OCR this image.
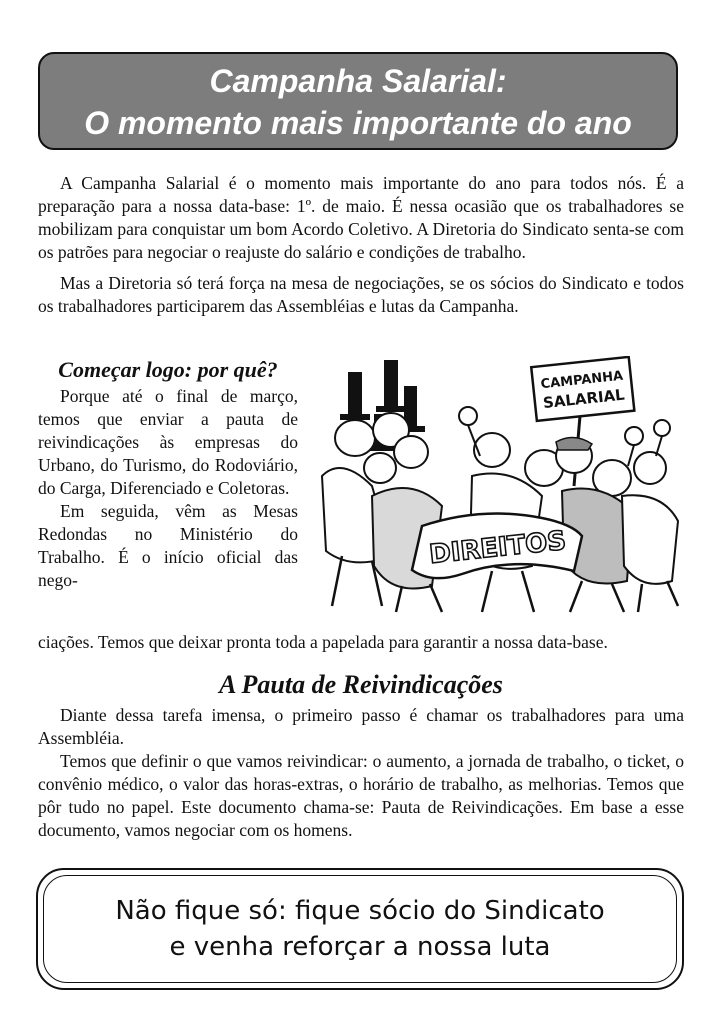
Campanha Salarial:
O momento mais importante do ano

A Campanha Salarial é o momento mais importante do ano para todos nós. É a preparação para a nossa data-base: 1º. de maio. É nessa ocasião que os trabalhadores se mobilizam para conquistar um bom Acordo Coletivo. A Diretoria do Sindicato senta-se com os patrões para negociar o reajuste do salário e condições de trabalho.

Mas a Diretoria só terá força na mesa de negociações, se os sócios do Sindicato e todos os trabalhadores participarem das Assembléias e lutas da Campanha.

Começar logo: por quê?

Porque até o final de março, temos que enviar a pauta de reivindicações às empresas do Urbano, do Turismo, do Rodoviário, do Carga, Diferenciado e Coletoras.

Em seguida, vêm as Mesas Redondas no Ministério do Trabalho. É o início oficial das nego-

CAMPANHA
SALARIAL
DIREITOS

ciações. Temos que deixar pronta toda a papelada para garantir a nossa data-base.

A Pauta de Reivindicações

Diante dessa tarefa imensa, o primeiro passo é chamar os trabalhadores para uma Assembléia.

Temos que definir o que vamos reivindicar: o aumento, a jornada de trabalho, o ticket, o convênio médico, o valor das horas-extras, o horário de trabalho, as melhorias. Temos que pôr tudo no papel. Este documento chama-se: Pauta de Reivindicações. Em base a esse documento, vamos negociar com os homens.

Não fique só: fique sócio do Sindicato
e venha reforçar a nossa luta
